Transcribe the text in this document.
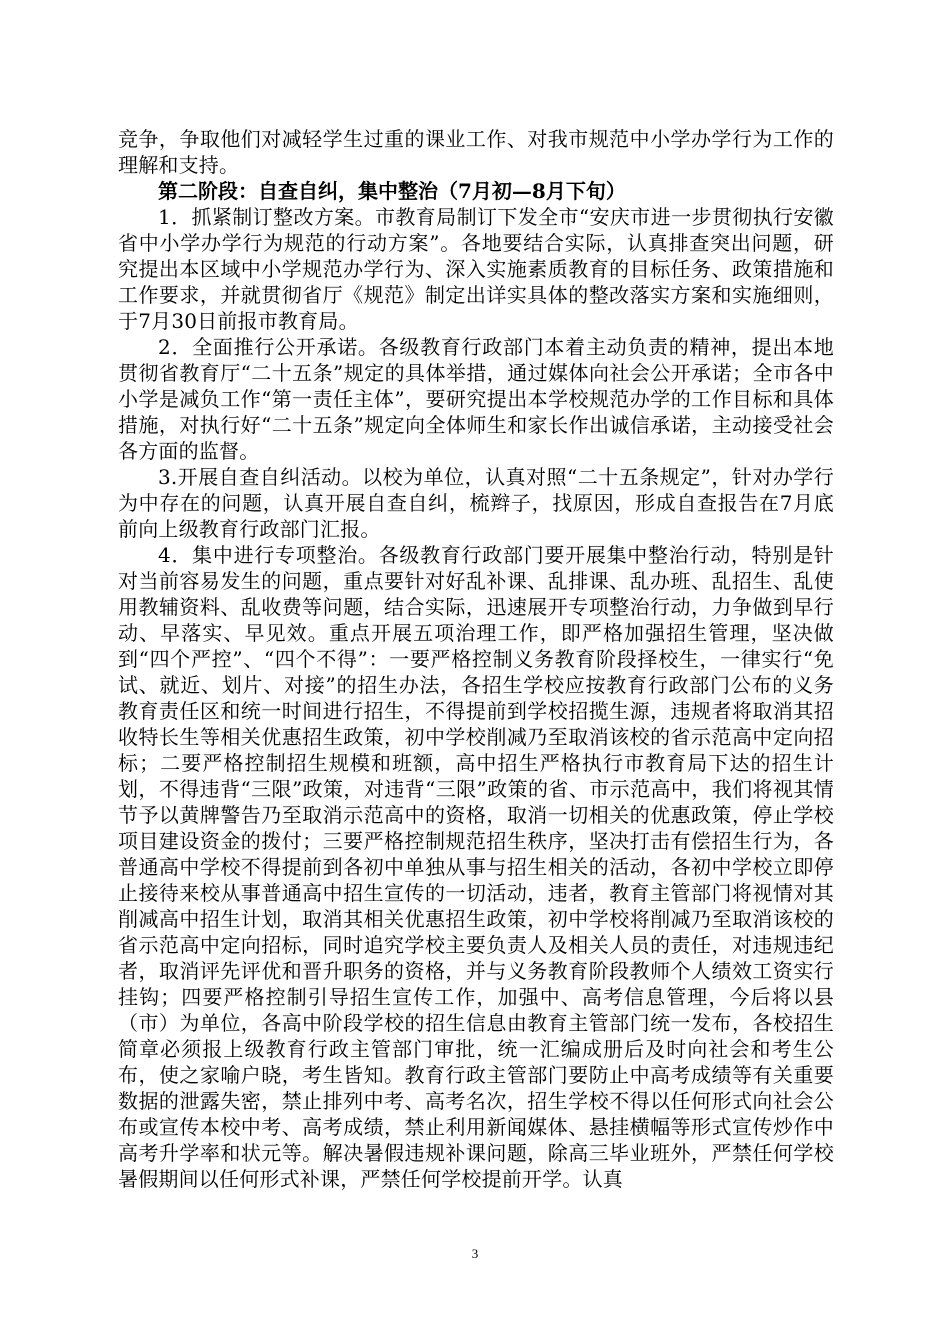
竞争，争取他们对减轻学生过重的课业工作、对我市规范中小学办学行为工作的理解和支持。

第二阶段：自查自纠，集中整治（7月初—8月下旬）

1．抓紧制订整改方案。市教育局制订下发全市“安庆市进一步贯彻执行安徽省中小学办学行为规范的行动方案”。各地要结合实际，认真排查突出问题，研究提出本区域中小学规范办学行为、深入实施素质教育的目标任务、政策措施和工作要求，并就贯彻省厅《规范》制定出详实具体的整改落实方案和实施细则，于7月30日前报市教育局。

2．全面推行公开承诺。各级教育行政部门本着主动负责的精神，提出本地贯彻省教育厅“二十五条”规定的具体举措，通过媒体向社会公开承诺；全市各中小学是减负工作“第一责任主体”，要研究提出本学校规范办学的工作目标和具体措施，对执行好“二十五条”规定向全体师生和家长作出诚信承诺，主动接受社会各方面的监督。

3.开展自查自纠活动。以校为单位，认真对照“二十五条规定”，针对办学行为中存在的问题，认真开展自查自纠，梳辫子，找原因，形成自查报告在7月底前向上级教育行政部门汇报。

4．集中进行专项整治。各级教育行政部门要开展集中整治行动，特别是针对当前容易发生的问题，重点要针对好乱补课、乱排课、乱办班、乱招生、乱使用教辅资料、乱收费等问题，结合实际，迅速展开专项整治行动，力争做到早行动、早落实、早见效。重点开展五项治理工作，即严格加强招生管理，坚决做到“四个严控”、“四个不得”：一要严格控制义务教育阶段择校生，一律实行“免试、就近、划片、对接”的招生办法，各招生学校应按教育行政部门公布的义务教育责任区和统一时间进行招生，不得提前到学校招揽生源，违规者将取消其招收特长生等相关优惠招生政策，初中学校削减乃至取消该校的省示范高中定向招标；二要严格控制招生规模和班额，高中招生严格执行市教育局下达的招生计划，不得违背“三限”政策，对违背“三限”政策的省、市示范高中，我们将视其情节予以黄牌警告乃至取消示范高中的资格，取消一切相关的优惠政策，停止学校项目建设资金的拨付；三要严格控制规范招生秩序，坚决打击有偿招生行为，各普通高中学校不得提前到各初中单独从事与招生相关的活动，各初中学校立即停止接待来校从事普通高中招生宣传的一切活动，违者，教育主管部门将视情对其削减高中招生计划，取消其相关优惠招生政策，初中学校将削减乃至取消该校的省示范高中定向招标，同时追究学校主要负责人及相关人员的责任，对违规违纪者，取消评先评优和晋升职务的资格，并与义务教育阶段教师个人绩效工资实行挂钩；四要严格控制引导招生宣传工作，加强中、高考信息管理，今后将以县（市）为单位，各高中阶段学校的招生信息由教育主管部门统一发布，各校招生简章必须报上级教育行政主管部门审批，统一汇编成册后及时向社会和考生公布，使之家喻户晓，考生皆知。教育行政主管部门要防止中高考成绩等有关重要数据的泄露失密，禁止排列中考、高考名次，招生学校不得以任何形式向社会公布或宣传本校中考、高考成绩，禁止利用新闻媒体、悬挂横幅等形式宣传炒作中高考升学率和状元等。解决暑假违规补课问题，除高三毕业班外，严禁任何学校暑假期间以任何形式补课，严禁任何学校提前开学。认真

3
